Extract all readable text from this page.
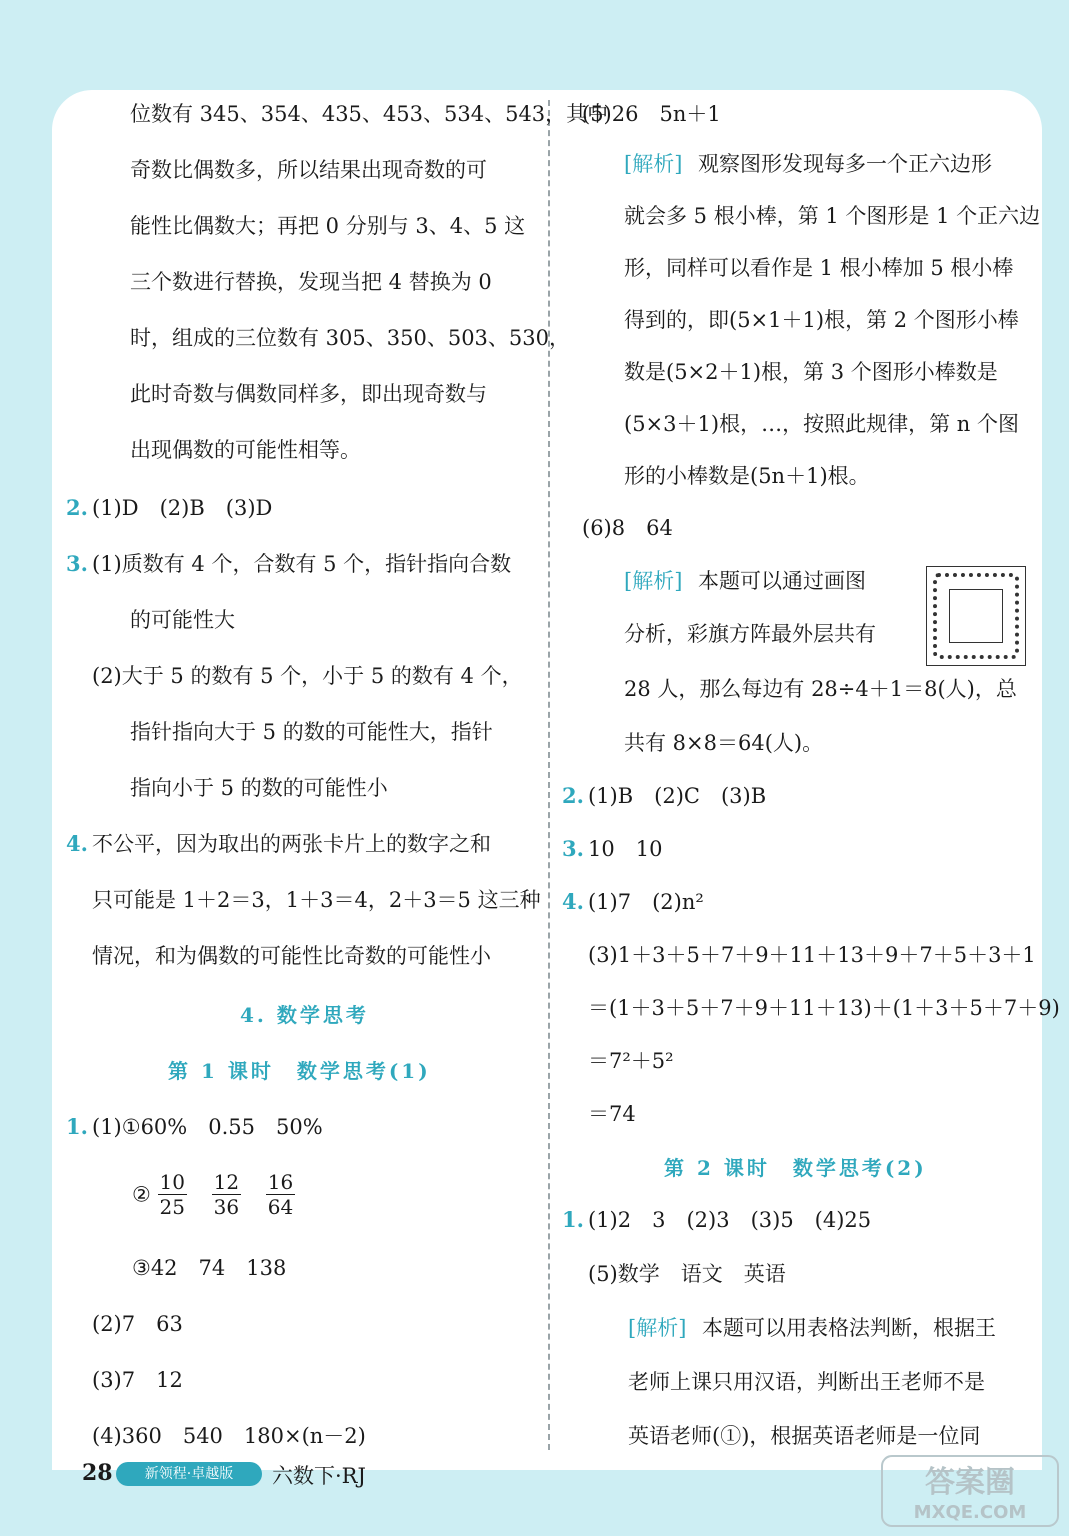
位数有 345、354、435、453、534、543，其中
奇数比偶数多，所以结果出现奇数的可
能性比偶数大；再把 0 分别与 3、4、5 这
三个数进行替换，发现当把 4 替换为 0
时，组成的三位数有 305、350、503、530，
此时奇数与偶数同样多，即出现奇数与
出现偶数的可能性相等。
2. (1)D　(2)B　(3)D
3. (1)质数有 4 个，合数有 5 个，指针指向合数
的可能性大
(2)大于 5 的数有 5 个，小于 5 的数有 4 个，
指针指向大于 5 的数的可能性大，指针
指向小于 5 的数的可能性小
4. 不公平，因为取出的两张卡片上的数字之和
只可能是 1＋2＝3，1＋3＝4，2＋3＝5 这三种
情况，和为偶数的可能性比奇数的可能性小
4. 数学思考
第 1 课时　数学思考(1)
1. (1)①60%　0.55　50%
② $\frac{10}{25}$
$\frac{12}{36}$
$\frac{16}{64}$
③42　74　138
(2)7　63
(3)7　12
(4)360　540　180×(n－2)
(5)26　5n＋1
[解析] 观察图形发现每多一个正六边形
就会多 5 根小棒，第 1 个图形是 1 个正六边
形，同样可以看作是 1 根小棒加 5 根小棒
得到的，即(5×1＋1)根，第 2 个图形小棒
数是(5×2＋1)根，第 3 个图形小棒数是
(5×3＋1)根，…，按照此规律，第 n 个图
形的小棒数是(5n＋1)根。
(6)8　64
[解析] 本题可以通过画图
分析，彩旗方阵最外层共有
28 人，那么每边有 28÷4＋1＝8(人)，总
共有 8×8＝64(人)。
2. (1)B　(2)C　(3)B
3. 10　10
4. (1)7　(2)n²
(3)1＋3＋5＋7＋9＋11＋13＋9＋7＋5＋3＋1
＝(1＋3＋5＋7＋9＋11＋13)＋(1＋3＋5＋7＋9)
＝7²＋5²
＝74
第 2 课时　数学思考(2)
1. (1)2　3　(2)3　(3)5　(4)25
(5)数学　语文　英语
[解析] 本题可以用表格法判断，根据王
老师上课只用汉语，判断出王老师不是
英语老师(①)，根据英语老师是一位同
28	新领程·卓越版	六数下·RJ	答案圈
MXQE.COM
